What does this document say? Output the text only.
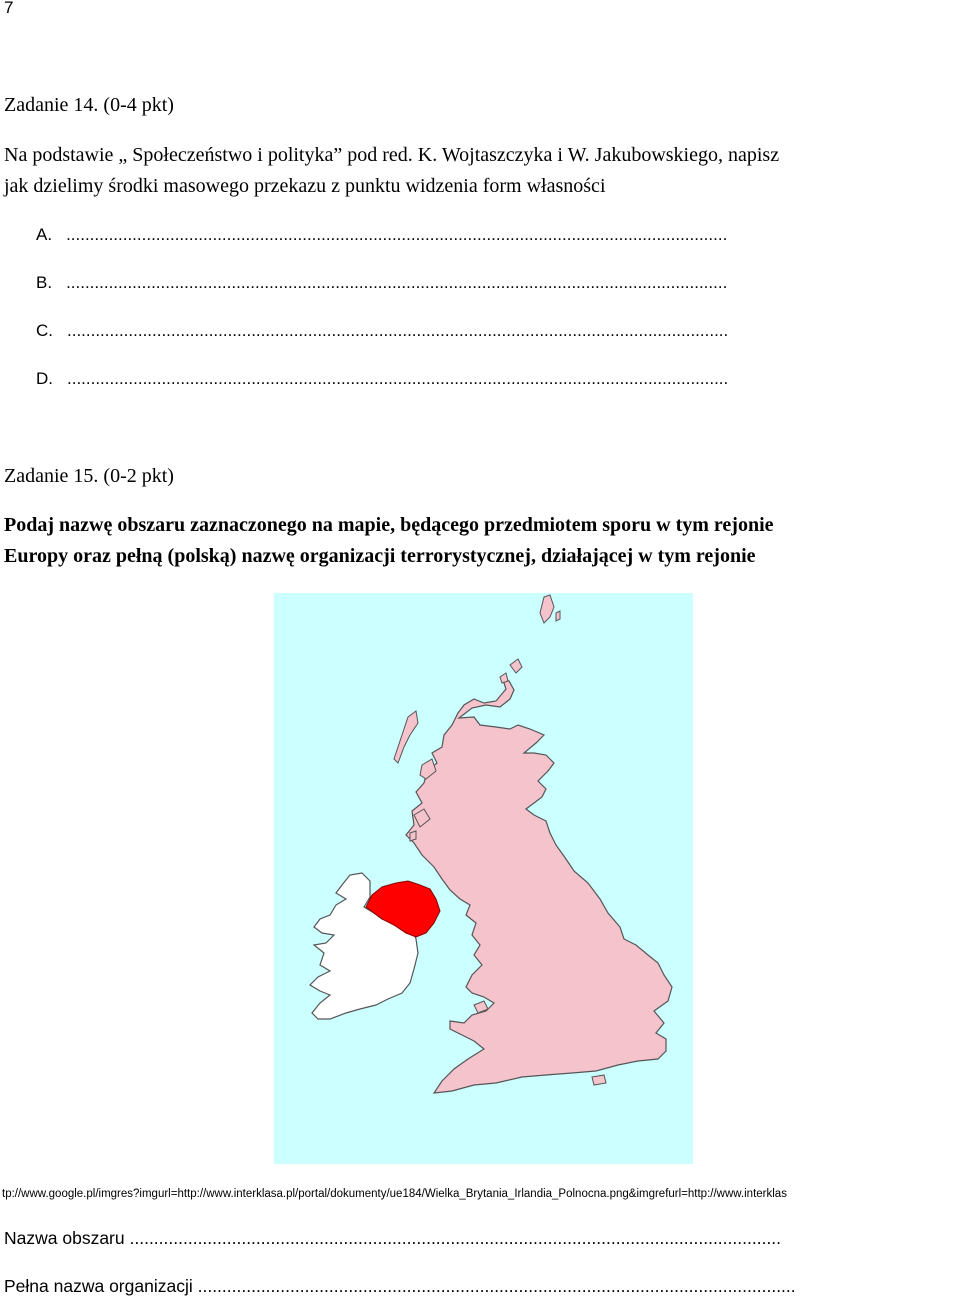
7
Zadanie 14. (0-4 pkt)
Na podstawie „ Społeczeństwo i polityka” pod red. K. Wojtaszczyka i W. Jakubowskiego, napisz
jak dzielimy środki masowego przekazu z punktu widzenia form własności
A. ............................................................................................................................................
B. ............................................................................................................................................
C. ............................................................................................................................................
D. ............................................................................................................................................
Zadanie 15. (0-2 pkt)
Podaj nazwę obszaru zaznaczonego na mapie, będącego przedmiotem sporu w tym rejonie
Europy oraz pełną (polską) nazwę organizacji terrorystycznej, działającej w tym rejonie
tp://www.google.pl/imgres?imgurl=http://www.interklasa.pl/portal/dokumenty/ue184/Wielka_Brytania_Irlandia_Polnocna.png&imgrefurl=http://www.interklas
Nazwa obszaru ......................................................................................................................................
Pełna nazwa organizacji ...........................................................................................................................
